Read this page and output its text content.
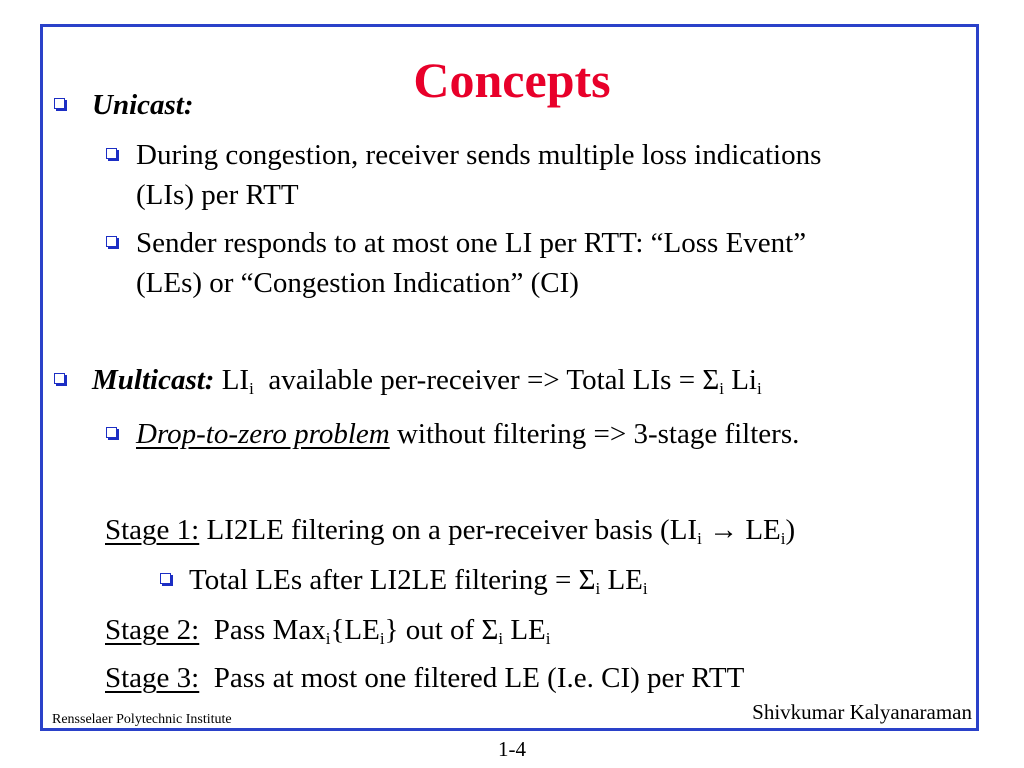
Concepts
Unicast:
During congestion, receiver sends multiple loss indications
(LIs) per RTT
Sender responds to at most one LI per RTT: “Loss Event”
(LEs) or “Congestion Indication” (CI)
Multicast: $LI_i$  available per-receiver => Total LIs = $\Sigma_i$ $Li_i$
Drop-to-zero problem without filtering => 3-stage filters.
Stage 1: LI2LE filtering on a per-receiver basis $(LI_i \to LE_i)$
Total LEs after LI2LE filtering = $\Sigma_i$ $LE_i$
Stage 2:  Pass $Max_i\{LE_i\}$ out of $\Sigma_i$ $LE_i$
Stage 3:  Pass at most one filtered LE (I.e. CI) per RTT
Rensselaer Polytechnic Institute	Shivkumar Kalyanaraman
1-4
